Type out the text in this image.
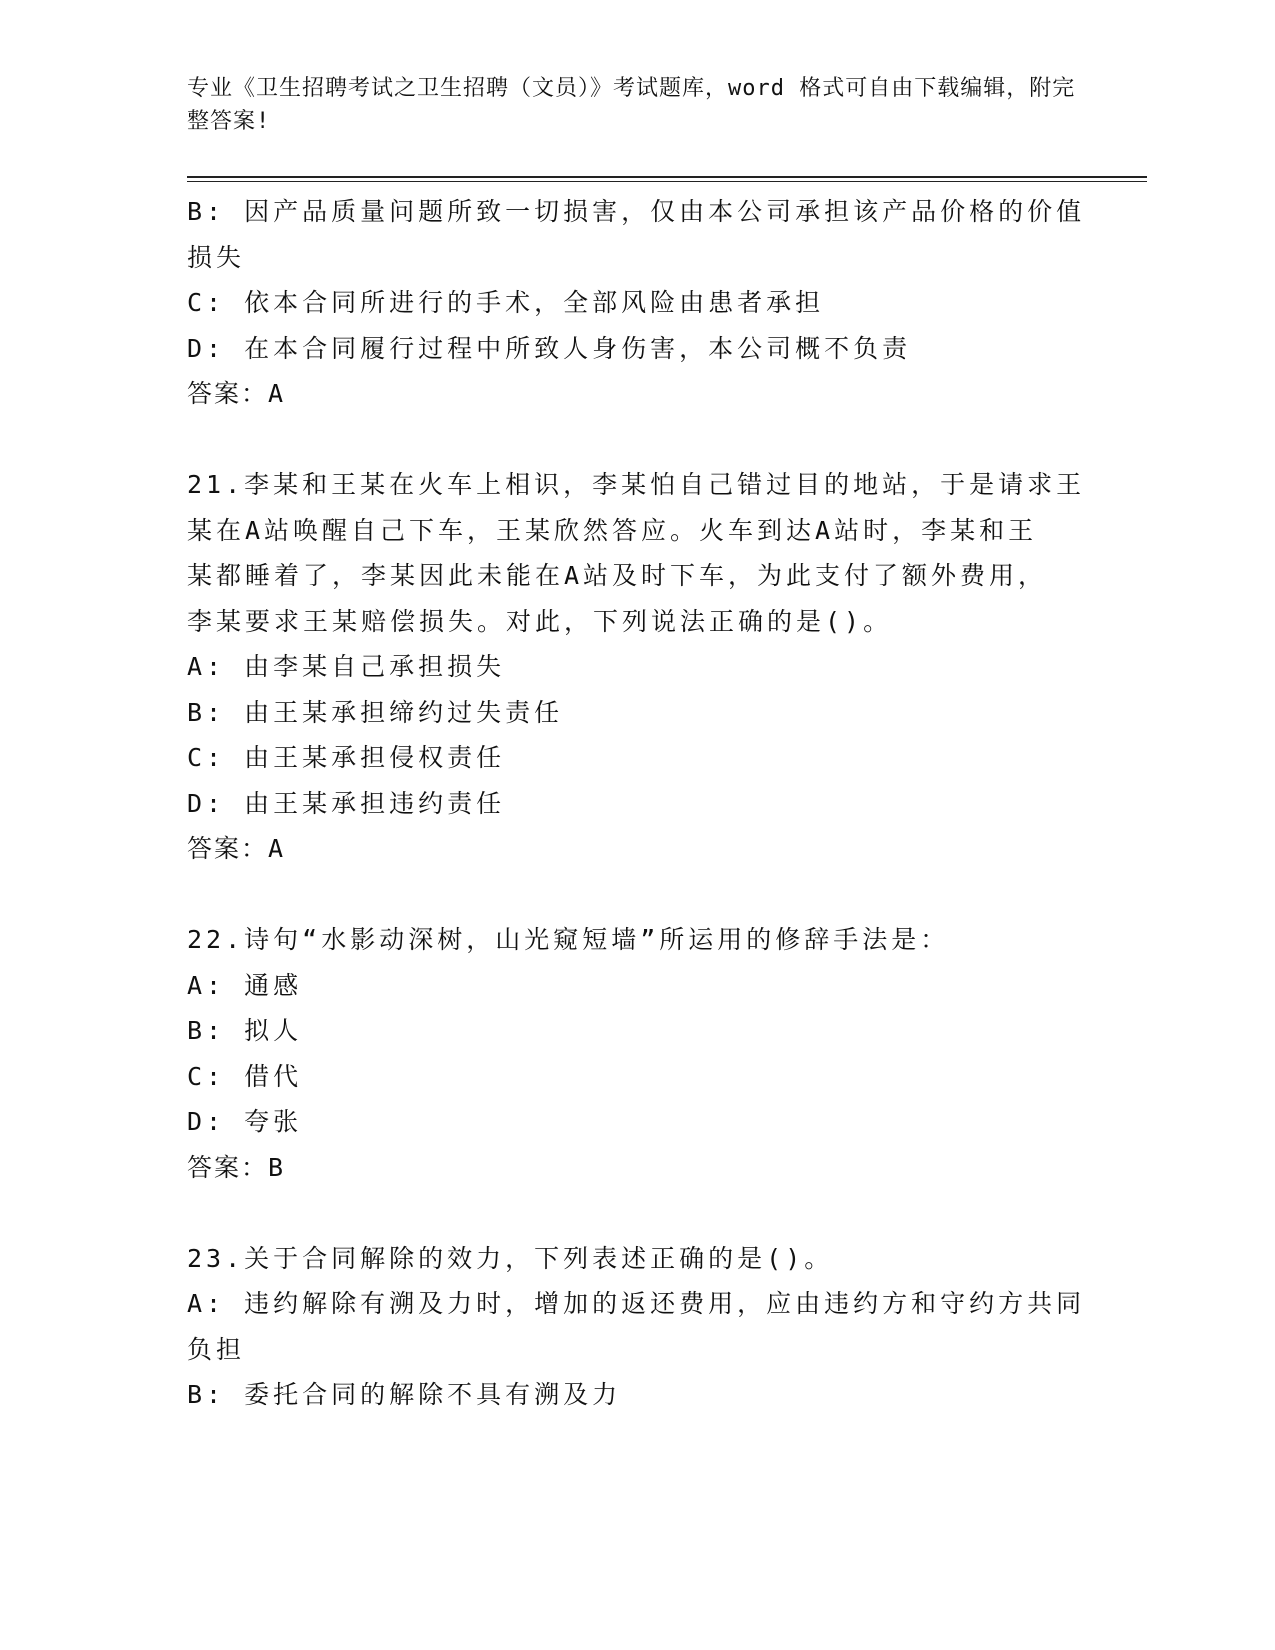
专业《卫生招聘考试之卫生招聘（文员）》考试题库，word 格式可自由下载编辑，附完整答案!

B: 因产品质量问题所致一切损害，仅由本公司承担该产品价格的价值

损失

C: 依本合同所进行的手术，全部风险由患者承担

D: 在本合同履行过程中所致人身伤害，本公司概不负责

答案：A

21.李某和王某在火车上相识，李某怕自己错过目的地站，于是请求王

某在A站唤醒自己下车，王某欣然答应。火车到达A站时，李某和王

某都睡着了，李某因此未能在A站及时下车，为此支付了额外费用，

李某要求王某赔偿损失。对此，下列说法正确的是()。

A: 由李某自己承担损失

B: 由王某承担缔约过失责任

C: 由王某承担侵权责任

D: 由王某承担违约责任

答案：A

22.诗句“水影动深树，山光窥短墙”所运用的修辞手法是：

A: 通感

B: 拟人

C: 借代

D: 夸张

答案：B

23.关于合同解除的效力，下列表述正确的是()。

A: 违约解除有溯及力时，增加的返还费用，应由违约方和守约方共同

负担

B: 委托合同的解除不具有溯及力
